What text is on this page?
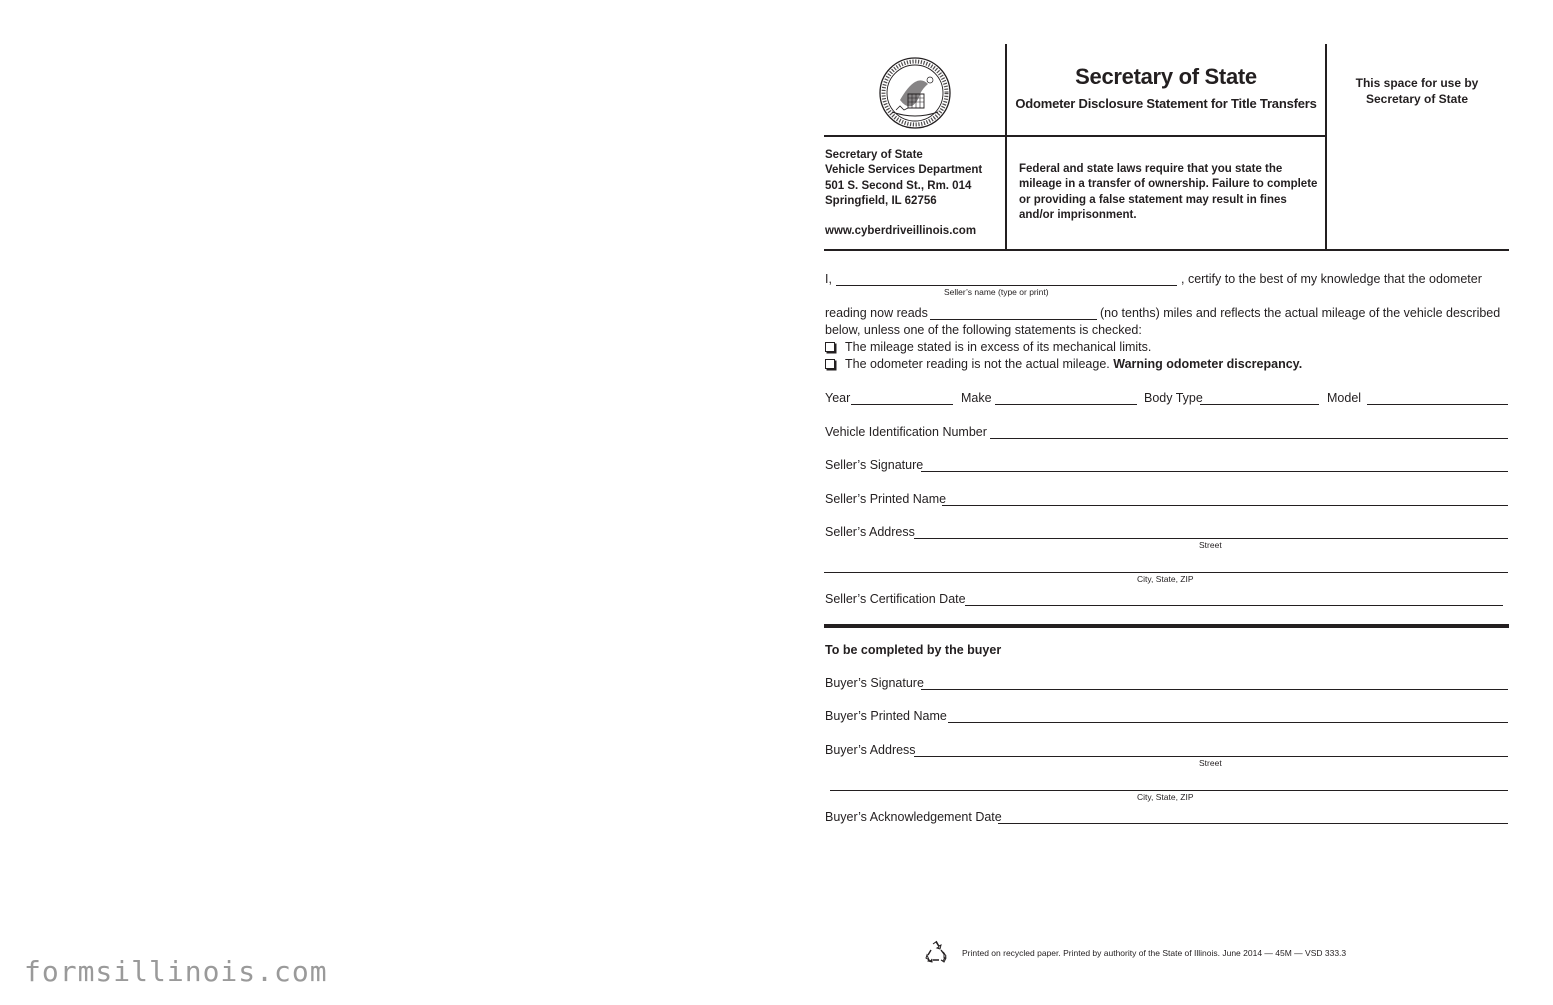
Secretary of State
Odometer Disclosure Statement for Title Transfers
This space for use by
Secretary of State
Secretary of State
Vehicle Services Department
501 S. Second St., Rm. 014
Springfield, IL 62756
www.cyberdriveillinois.com
Federal and state laws require that you state the mileage in a transfer of ownership. Failure to complete or providing a false statement may result in fines and/or imprisonment.
I,	, certify to the best of my knowledge that the odometer
Seller’s name (type or print)
reading now reads	(no tenths) miles and reflects the actual mileage of the vehicle described
below, unless one of the following statements is checked:
The mileage stated is in excess of its mechanical limits.
The odometer reading is not the actual mileage. Warning odometer discrepancy.
Year	Make	Body Type	Model
Vehicle Identification Number
Seller’s Signature
Seller’s Printed Name
Seller’s Address
Street
City, State, ZIP
Seller’s Certification Date
To be completed by the buyer
Buyer’s Signature
Buyer’s Printed Name
Buyer’s Address
Street
City, State, ZIP
Buyer’s Acknowledgement Date
Printed on recycled paper. Printed by authority of the State of Illinois. June 2014 — 45M — VSD 333.3
formsillinois.com
